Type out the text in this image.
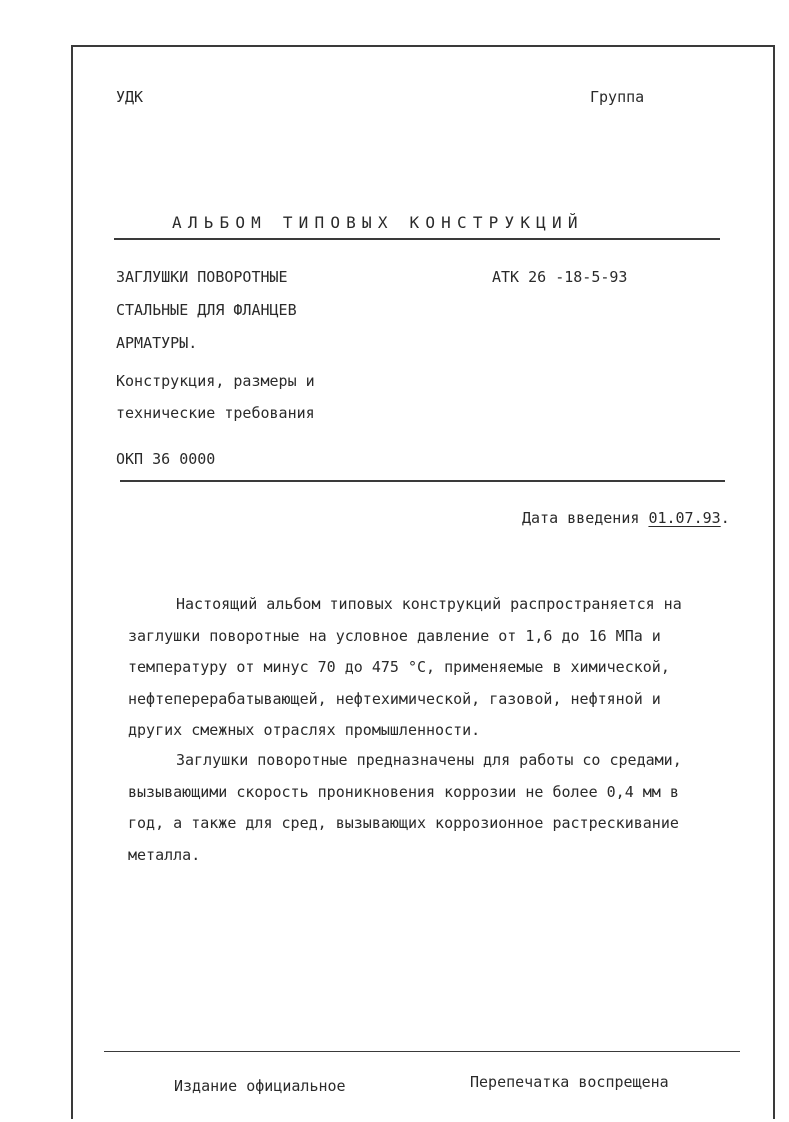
УДК	Группа
АЛЬБОМ ТИПОВЫХ КОНСТРУКЦИЙ
ЗАГЛУШКИ ПОВОРОТНЫЕ
СТАЛЬНЫЕ ДЛЯ ФЛАНЦЕВ
АРМАТУРЫ.
Конструкция, размеры и
технические требования
ОКП 36 0000
АТК 26 -18-5-93
Дата введения 01.07.93.
Настоящий альбом типовых конструкций распространяется на
заглушки поворотные на условное давление от 1,6 до 16 МПа и
температуру от минус 70 до 475 °С, применяемые в химической,
нефтеперерабатывающей, нефтехимической, газовой, нефтяной и
других смежных отраслях промышленности.
Заглушки поворотные предназначены для работы со средами,
вызывающими скорость проникновения коррозии не более 0,4 мм в
год, а также для сред, вызывающих коррозионное растрескивание
металла.
Издание официальное	Перепечатка воспрещена
